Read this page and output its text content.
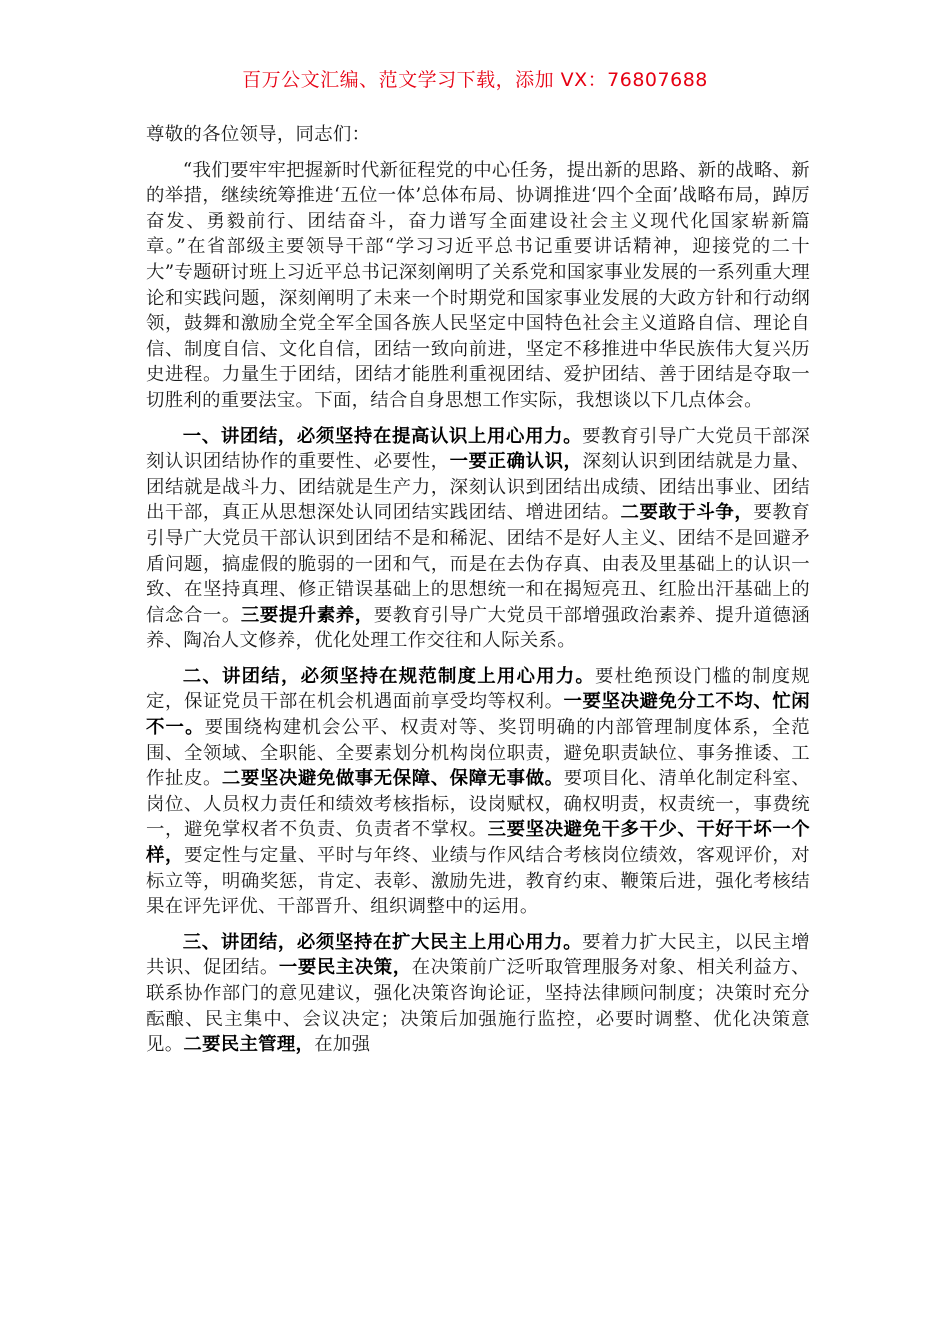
百万公文汇编、范文学习下载，添加 VX：76807688

尊敬的各位领导，同志们：

“我们要牢牢把握新时代新征程党的中心任务，提出新的思路、新的战略、新的举措，继续统筹推进‘五位一体’总体布局、协调推进‘四个全面’战略布局，踔厉奋发、勇毅前行、团结奋斗，奋力谱写全面建设社会主义现代化国家崭新篇章。”在省部级主要领导干部“学习习近平总书记重要讲话精神，迎接党的二十大”专题研讨班上习近平总书记深刻阐明了关系党和国家事业发展的一系列重大理论和实践问题，深刻阐明了未来一个时期党和国家事业发展的大政方针和行动纲领，鼓舞和激励全党全军全国各族人民坚定中国特色社会主义道路自信、理论自信、制度自信、文化自信，团结一致向前进，坚定不移推进中华民族伟大复兴历史进程。力量生于团结，团结才能胜利重视团结、爱护团结、善于团结是夺取一切胜利的重要法宝。下面，结合自身思想工作实际，我想谈以下几点体会。

一、讲团结，必须坚持在提高认识上用心用力。要教育引导广大党员干部深刻认识团结协作的重要性、必要性，一要正确认识，深刻认识到团结就是力量、团结就是战斗力、团结就是生产力，深刻认识到团结出成绩、团结出事业、团结出干部，真正从思想深处认同团结实践团结、增进团结。二要敢于斗争，要教育引导广大党员干部认识到团结不是和稀泥、团结不是好人主义、团结不是回避矛盾问题，搞虚假的脆弱的一团和气，而是在去伪存真、由表及里基础上的认识一致、在坚持真理、修正错误基础上的思想统一和在揭短亮丑、红脸出汗基础上的信念合一。三要提升素养，要教育引导广大党员干部增强政治素养、提升道德涵养、陶冶人文修养，优化处理工作交往和人际关系。

二、讲团结，必须坚持在规范制度上用心用力。要杜绝预设门槛的制度规定，保证党员干部在机会机遇面前享受均等权利。一要坚决避免分工不均、忙闲不一。要围绕构建机会公平、权责对等、奖罚明确的内部管理制度体系，全范围、全领域、全职能、全要素划分机构岗位职责，避免职责缺位、事务推诿、工作扯皮。二要坚决避免做事无保障、保障无事做。要项目化、清单化制定科室、岗位、人员权力责任和绩效考核指标，设岗赋权，确权明责，权责统一，事费统一，避免掌权者不负责、负责者不掌权。三要坚决避免干多干少、干好干坏一个样，要定性与定量、平时与年终、业绩与作风结合考核岗位绩效，客观评价，对标立等，明确奖惩，肯定、表彰、激励先进，教育约束、鞭策后进，强化考核结果在评先评优、干部晋升、组织调整中的运用。

三、讲团结，必须坚持在扩大民主上用心用力。要着力扩大民主，以民主增共识、促团结。一要民主决策，在决策前广泛听取管理服务对象、相关利益方、联系协作部门的意见建议，强化决策咨询论证，坚持法律顾问制度；决策时充分酝酿、民主集中、会议决定；决策后加强施行监控，必要时调整、优化决策意见。二要民主管理，在加强
